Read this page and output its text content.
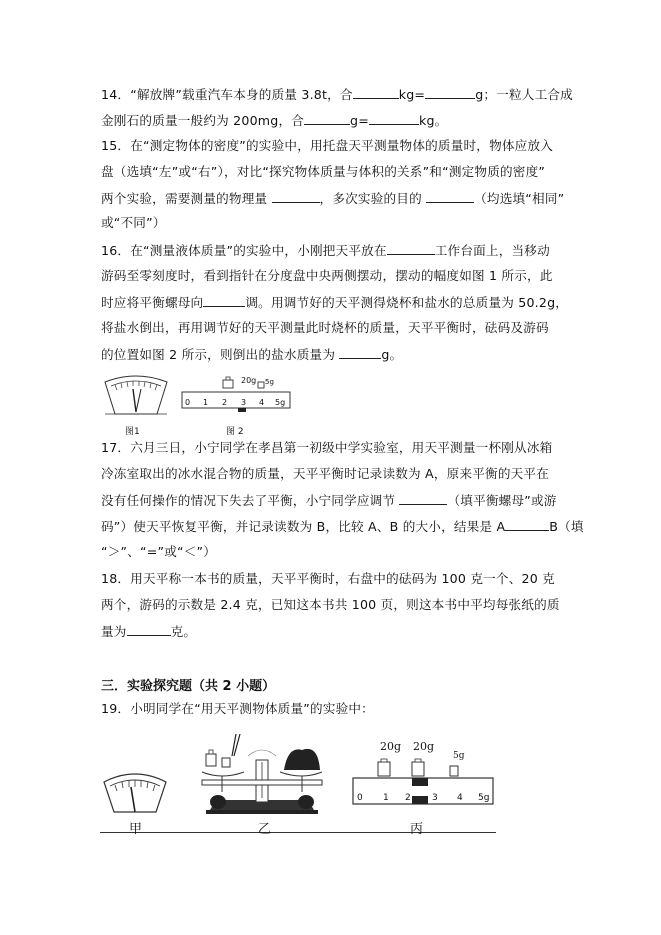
14．“解放牌”载重汽车本身的质量 3.8t，合	kg=	g；一粒人工合成
金刚石的质量一般约为 200mg，合	g=	kg。
15．在“测定物体的密度”的实验中，用托盘天平测量物体的质量时，物体应放入
盘（选填“左”或“右”），对比“探究物体质量与体积的关系”和“测定物质的密度”
两个实验，需要测量的物理量	，多次实验的目的	（均选填“相同”
或“不同”）
16．在“测量液体质量”的实验中，小刚把天平放在	工作台面上，当移动
游码至零刻度时，看到指针在分度盘中央两侧摆动，摆动的幅度如图 1 所示，此
时应将平衡螺母向	调。用调节好的天平测得烧杯和盐水的总质量为 50.2g，
将盐水倒出，再用调节好的天平测量此时烧杯的质量，天平平衡时，砝码及游码
的位置如图 2 所示，则倒出的盐水质量为	g。
图1
20g 5g
0 1 2 3 4 5g
图 2
17．六月三日，小宁同学在孝昌第一初级中学实验室，用天平测量一杯刚从冰箱
冷冻室取出的冰水混合物的质量，天平平衡时记录读数为 A，原来平衡的天平在
没有任何操作的情况下失去了平衡，小宁同学应调节	（填平衡螺母”或游
码”）使天平恢复平衡，并记录读数为 B，比较 A、B 的大小，结果是 A	B（填
“＞”、“=”或“＜”）
18．用天平称一本书的质量，天平平衡时，右盘中的砝码为 100 克一个、20 克
两个，游码的示数是 2.4 克，已知这本书共 100 页，则这本书中平均每张纸的质
量为	克。
三．实验探究题（共 2 小题）
19．小明同学在“用天平测物体质量”的实验中：
20g 20g
5g
0 1 2 3 4 5g
甲	乙	丙
